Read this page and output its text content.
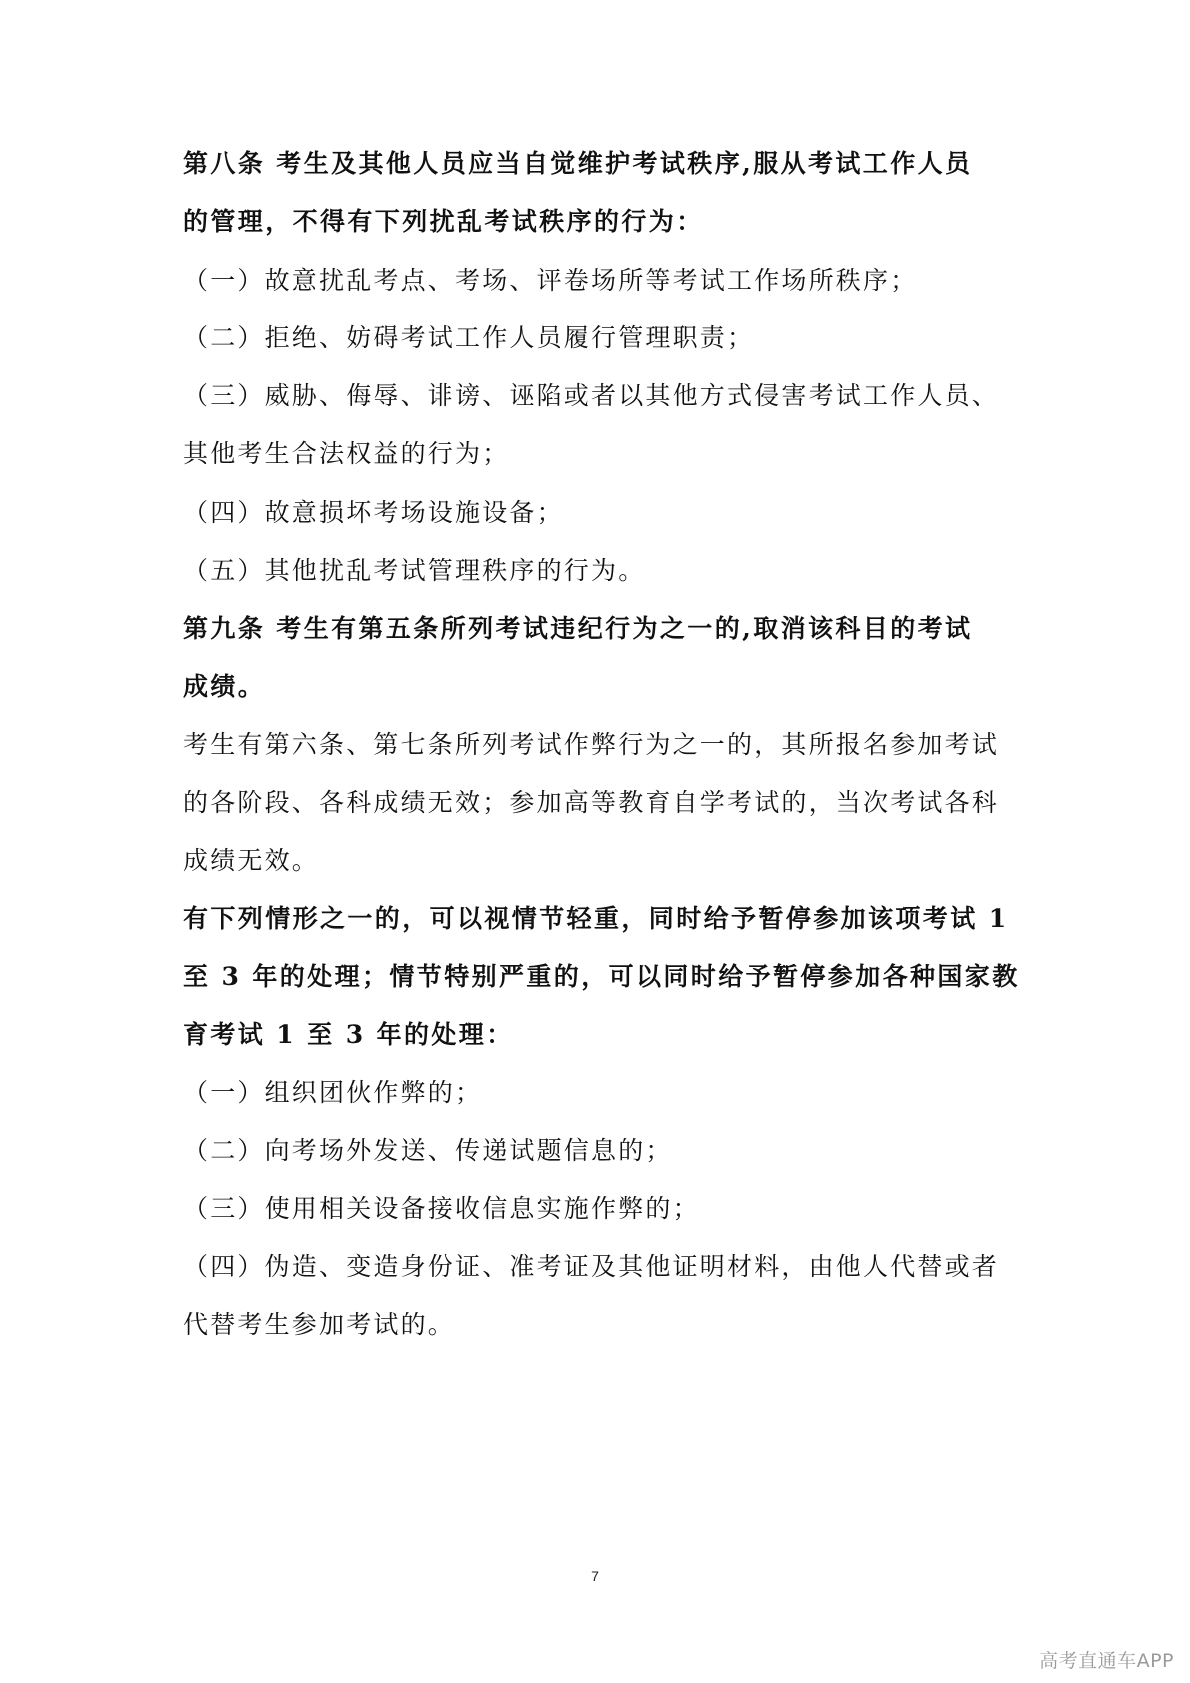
第八条 考生及其他人员应当自觉维护考试秩序,服从考试工作人员
的管理，不得有下列扰乱考试秩序的行为：
（一）故意扰乱考点、考场、评卷场所等考试工作场所秩序；
（二）拒绝、妨碍考试工作人员履行管理职责；
（三）威胁、侮辱、诽谤、诬陷或者以其他方式侵害考试工作人员、
其他考生合法权益的行为；
（四）故意损坏考场设施设备；
（五）其他扰乱考试管理秩序的行为。
第九条 考生有第五条所列考试违纪行为之一的,取消该科目的考试
成绩。
考生有第六条、第七条所列考试作弊行为之一的，其所报名参加考试
的各阶段、各科成绩无效；参加高等教育自学考试的，当次考试各科
成绩无效。
有下列情形之一的，可以视情节轻重，同时给予暂停参加该项考试 1
至 3 年的处理；情节特别严重的，可以同时给予暂停参加各种国家教
育考试 1 至 3 年的处理：
（一）组织团伙作弊的；
（二）向考场外发送、传递试题信息的；
（三）使用相关设备接收信息实施作弊的；
（四）伪造、变造身份证、准考证及其他证明材料，由他人代替或者
代替考生参加考试的。
7
高考直通车APP
